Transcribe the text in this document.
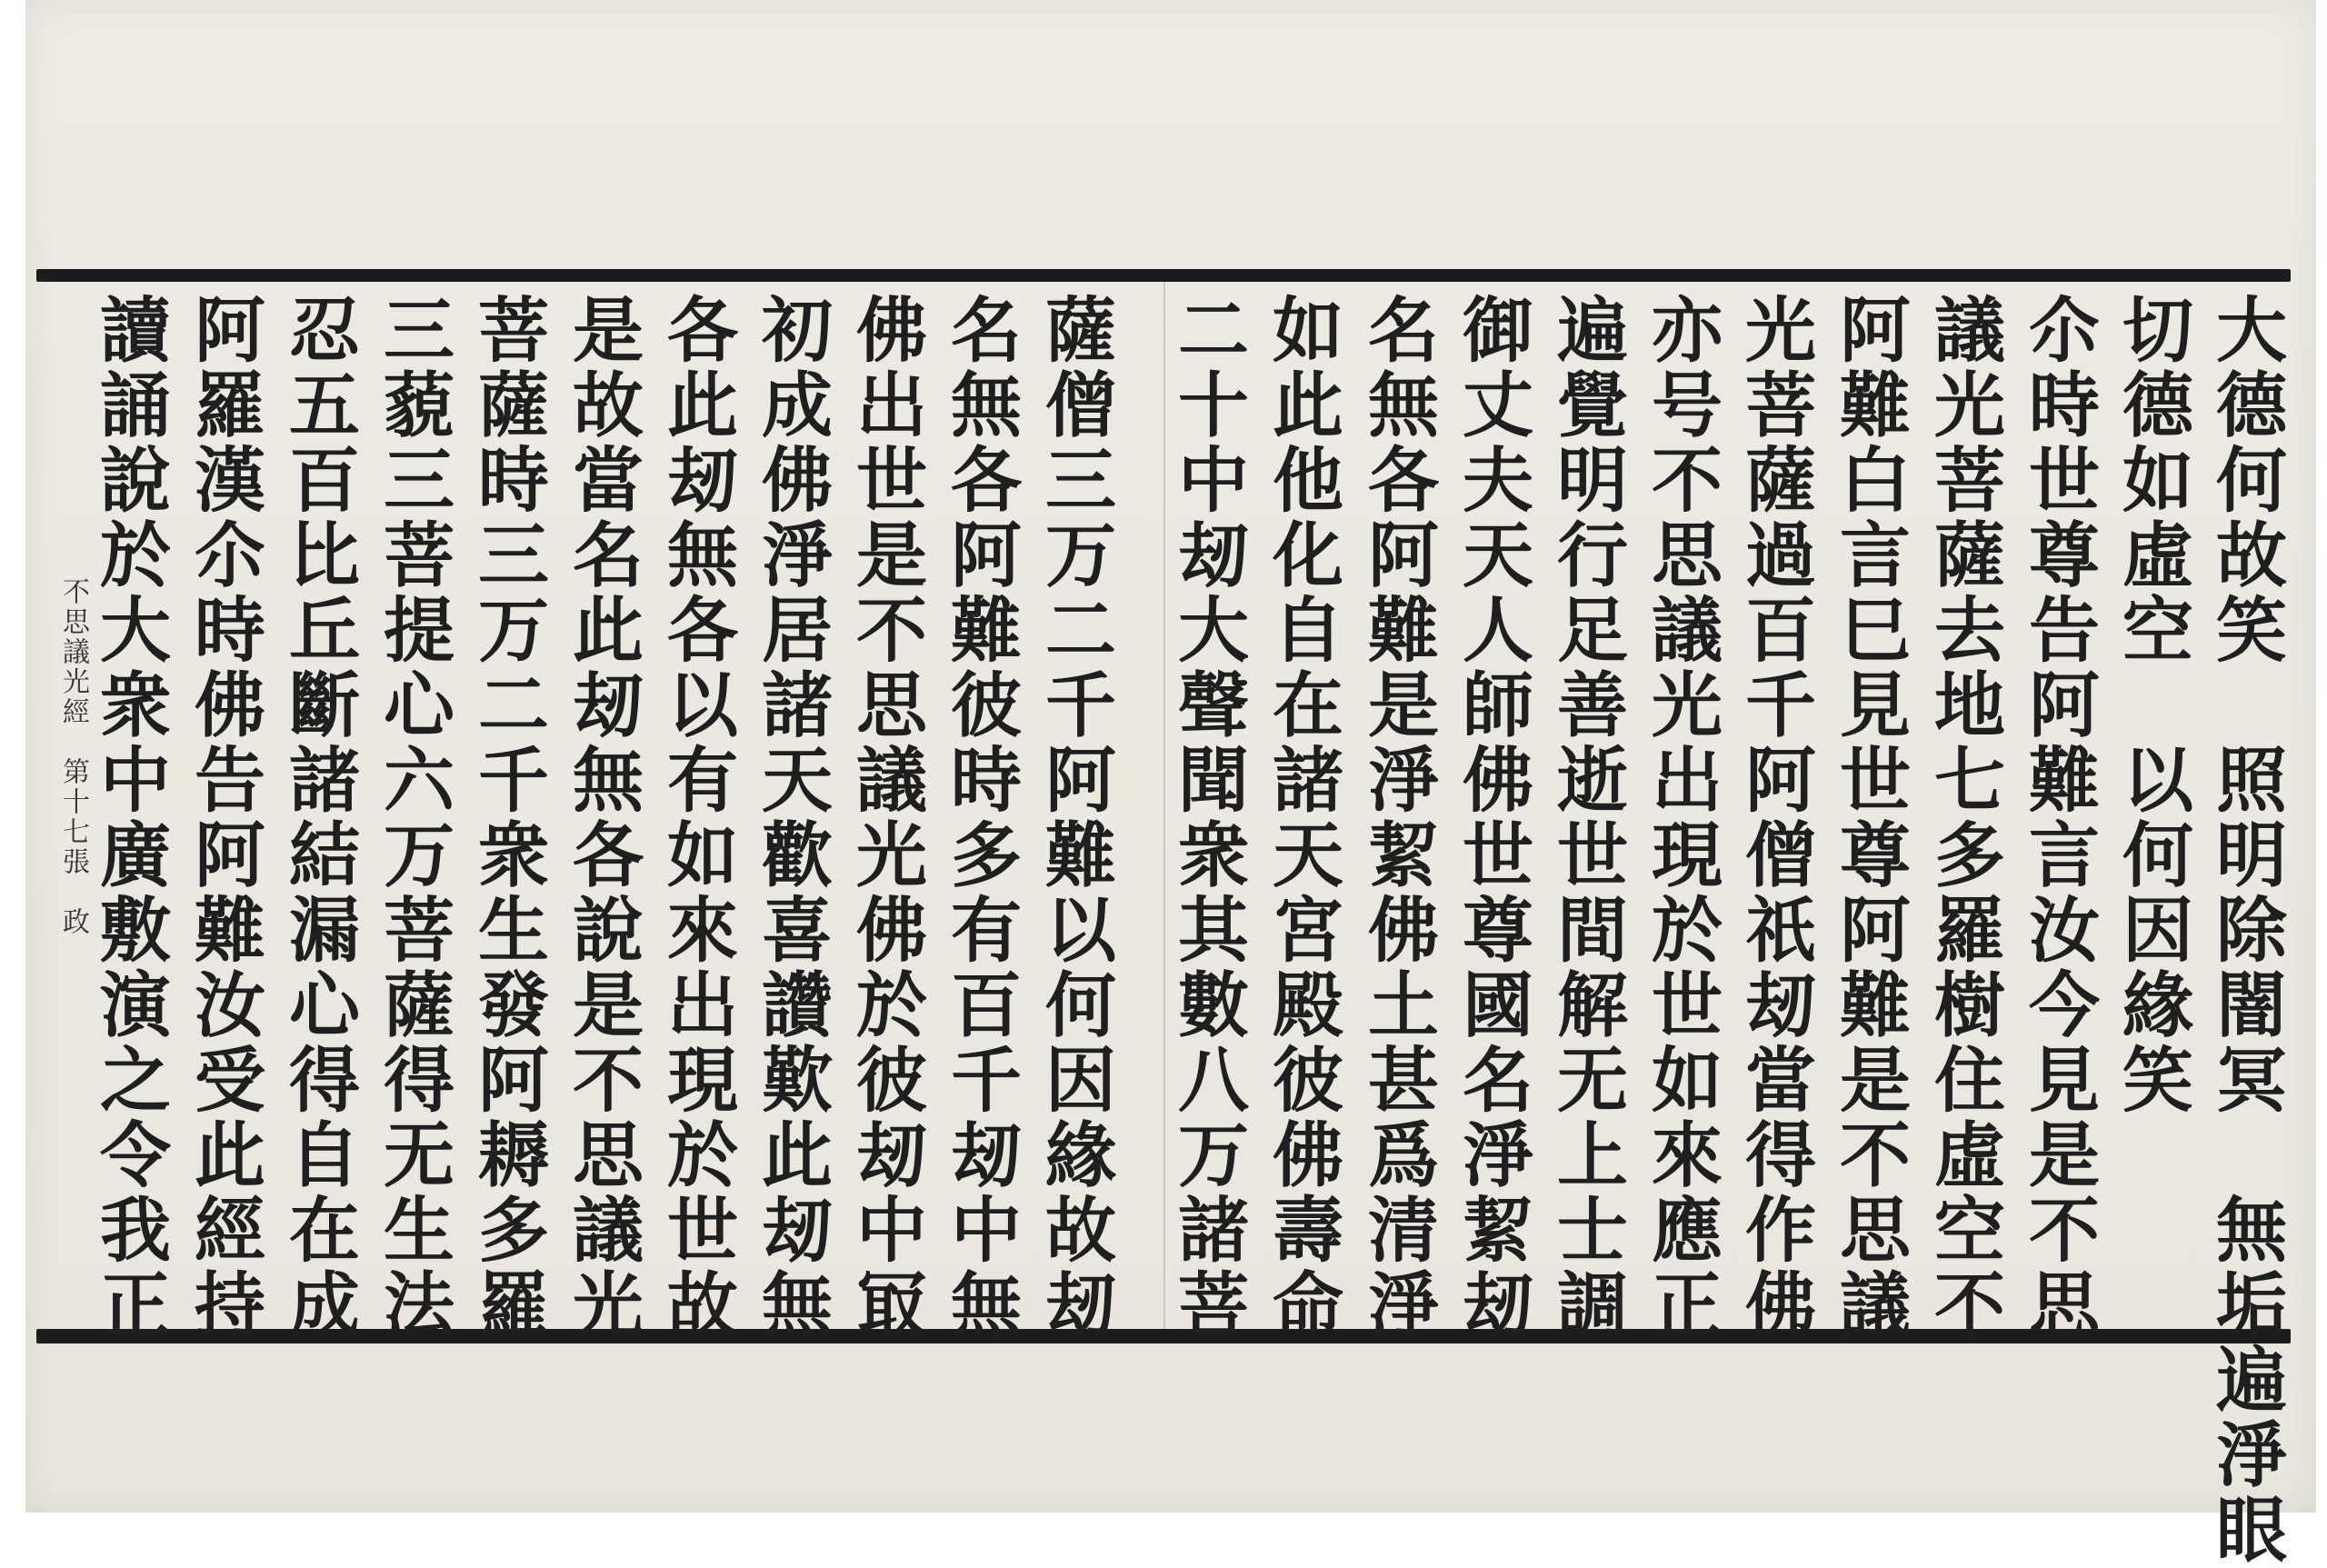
大德何故笑　照明除闇冥　無垢遍淨眼
切德如虛空　以何因緣笑
尒時世尊告阿難言汝今見是不思
議光菩薩去地七多羅樹住虛空不
阿難白言巳見世尊阿難是不思議
光菩薩過百千阿僧祇刼當得作佛
亦号不思議光出現於世如來應正
遍覺明行足善逝世間解无上士調
御丈夫天人師佛世尊國名淨絜刼
名無各阿難是淨絜佛土甚爲清淨
如此他化自在諸天宮殿彼佛壽命
二十中刼大聲聞衆其數八万諸菩
薩僧三万二千阿難以何因緣故刼
名無各阿難彼時多有百千刼中無
佛出世是不思議光佛於彼刼中冣
初成佛淨居諸天歡喜讚歎此刼無
各此刼無各以有如來出現於世故
是故當名此刼無各說是不思議光
菩薩時三万二千衆生發阿耨多羅
三藐三菩提心六万菩薩得无生法
忍五百比丘斷諸結漏心得自在成
阿羅漢尒時佛告阿難汝受此經持
讀誦說於大衆中廣敷演之令我正
不思議光經　第十七張　政
